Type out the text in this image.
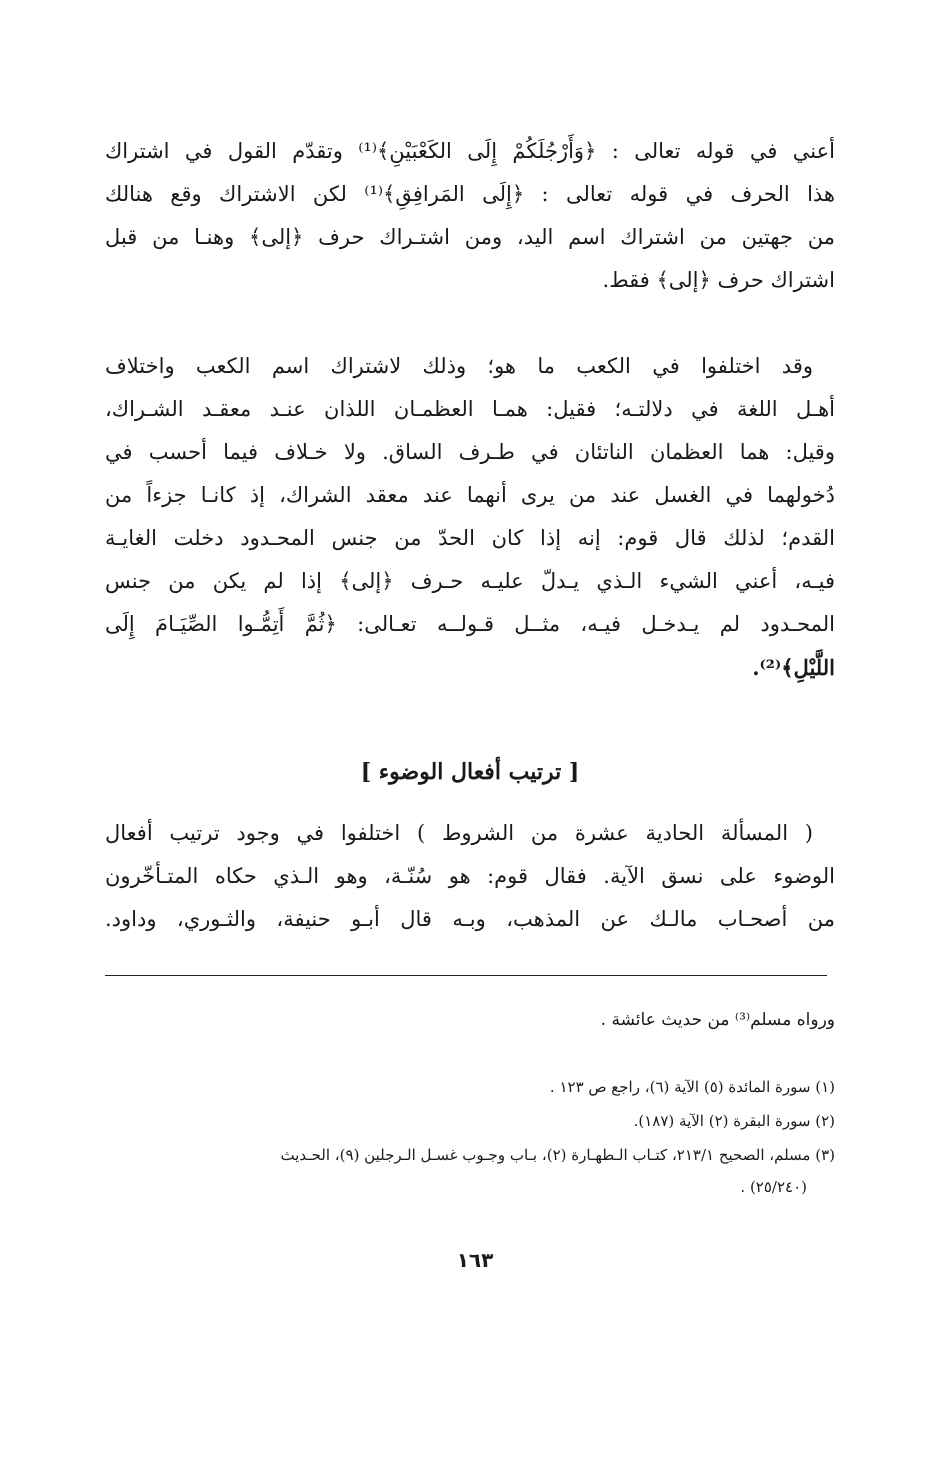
أعني في قوله تعالى : ﴿وَأَرْجُلَكُمْ إِلَى الكَعْبَيْنِ﴾⁽¹⁾ وتقدّم القول في اشتراك
هذا الحرف في قوله تعالى : ﴿إِلَى المَرافِقِ﴾⁽¹⁾ لكن الاشتراك وقع هنالك
من جهتين من اشتراك اسم اليد، ومن اشتـراك حرف ﴿إلى﴾ وهنـا من قبل
اشتراك حرف ﴿إلى﴾ فقط.
وقد اختلفوا في الكعب ما هو؛ وذلك لاشتراك اسم الكعب واختلاف
أهـل اللغة في دلالتـه؛ فقيل: همـا العظمـان اللذان عنـد معقـد الشـراك،
وقيل: هما العظمان الناتئان في طـرف الساق. ولا خـلاف فيما أحسب في
دُخولهما في الغسل عند من يرى أنهما عند معقد الشراك، إذ كانـا جزءاً من
القدم؛ لذلك قال قوم: إنه إذا كان الحدّ من جنس المحـدود دخلت الغايـة
فيـه، أعني الشيء الـذي يـدلّ عليـه حـرف ﴿إلى﴾ إذا لم يكن من جنس
المحـدود لم يـدخـل فيـه، مثــل قـولــه تعـالى: ﴿ثُمَّ أَتِمُّـوا الصِّيَـامَ إِلَى
اللَّيْلِ﴾⁽²⁾.
[ ترتيب أفعال الوضوء ]
( المسألة الحادية عشرة من الشروط ) اختلفوا في وجود ترتيب أفعال
الوضوء على نسق الآية. فقال قوم: هو سُنّـة، وهو الـذي حكاه المتـأخّرون
من أصحـاب مالـك عن المذهب، وبـه قال أبـو حنيفة، والثـوري، وداود.
ورواه مسلم⁽³⁾ من حديث عائشة .
(١) سورة المائدة (٥) الآية (٦)، راجع ص ١٢٣ .
(٢) سورة البقرة (٢) الآية (١٨٧).
(٣) مسلم، الصحيح ٢١٣/١، كتـاب الـطهـارة (٢)، بـاب وجـوب غسـل الـرجلين (٩)، الحـديث
(٢٥/٢٤٠) .
١٦٣
